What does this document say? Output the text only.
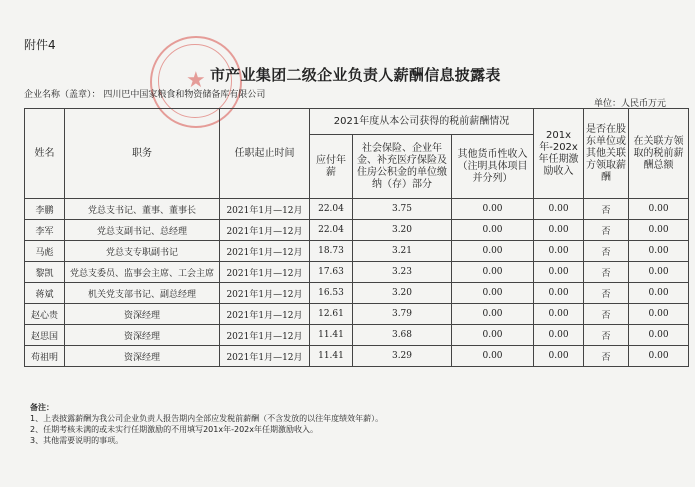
附件4
★ 市产业集团二级企业负责人薪酬信息披露表
企业名称（盖章）： 四川巴中国家粮食和物资储备库有限公司
单位：人民币万元
姓名	职务	任职起止时间	2021年度从本公司获得的税前薪酬情况			201x年-202x年任期激励收入	是否在股东单位或其他关联方领取薪酬	在关联方领取的税前薪酬总额
			应付年薪	社会保险、企业年金、补充医疗保险及住房公积金的单位缴纳（存）部分	其他货币性收入（注明具体项目并分列）			
李鹏	党总支书记、董事、董事长	2021年1月—12月	22.04	3.75	0.00	0.00	否	0.00
李军	党总支副书记、总经理	2021年1月—12月	22.04	3.20	0.00	0.00	否	0.00
马彪	党总支专职副书记	2021年1月—12月	18.73	3.21	0.00	0.00	否	0.00
黎凯	党总支委员、监事会主席、工会主席	2021年1月—12月	17.63	3.23	0.00	0.00	否	0.00
蒋斌	机关党支部书记、副总经理	2021年1月—12月	16.53	3.20	0.00	0.00	否	0.00
赵心贵	资深经理	2021年1月—12月	12.61	3.79	0.00	0.00	否	0.00
赵思国	资深经理	2021年1月—12月	11.41	3.68	0.00	0.00	否	0.00
苟祖明	资深经理	2021年1月—12月	11.41	3.29	0.00	0.00	否	0.00
备注：
1、上表披露薪酬为我公司企业负责人报告期内全部应发税前薪酬（不含发放的以往年度绩效年薪）。
2、任期考核未满的或未实行任期激励的不用填写201x年-202x年任期激励收入。
3、其他需要说明的事项。
